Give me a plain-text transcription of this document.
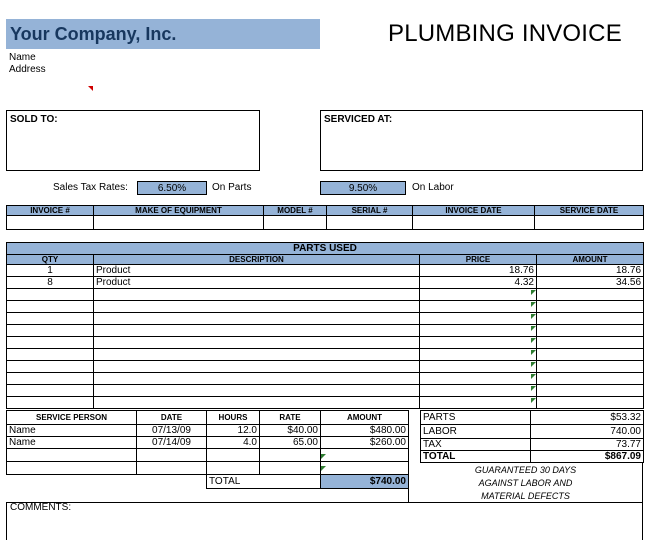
Your Company, Inc.	PLUMBING INVOICE
Name
Address
SOLD TO:	SERVICED AT:
Sales Tax Rates:	6.50%	On Parts	9.50%	On Labor
INVOICE #	MAKE OF EQUIPMENT	MODEL #	SERIAL #	INVOICE DATE	SERVICE DATE

PARTS USED			
QTY	DESCRIPTION	PRICE	AMOUNT
1	Product	18.76	18.76
8	Product	4.32	34.56

SERVICE PERSON	DATE	HOURS	RATE	AMOUNT
Name	07/13/09	12.0	$40.00	$480.00
Name	07/14/09	4.0	65.00	$260.00

		TOTAL		$740.00
PARTS	$53.32
LABOR	740.00
TAX	73.77
TOTAL	$867.09
GUARANTEED 30 DAYS
AGAINST LABOR AND
MATERIAL DEFECTS
COMMENTS:
